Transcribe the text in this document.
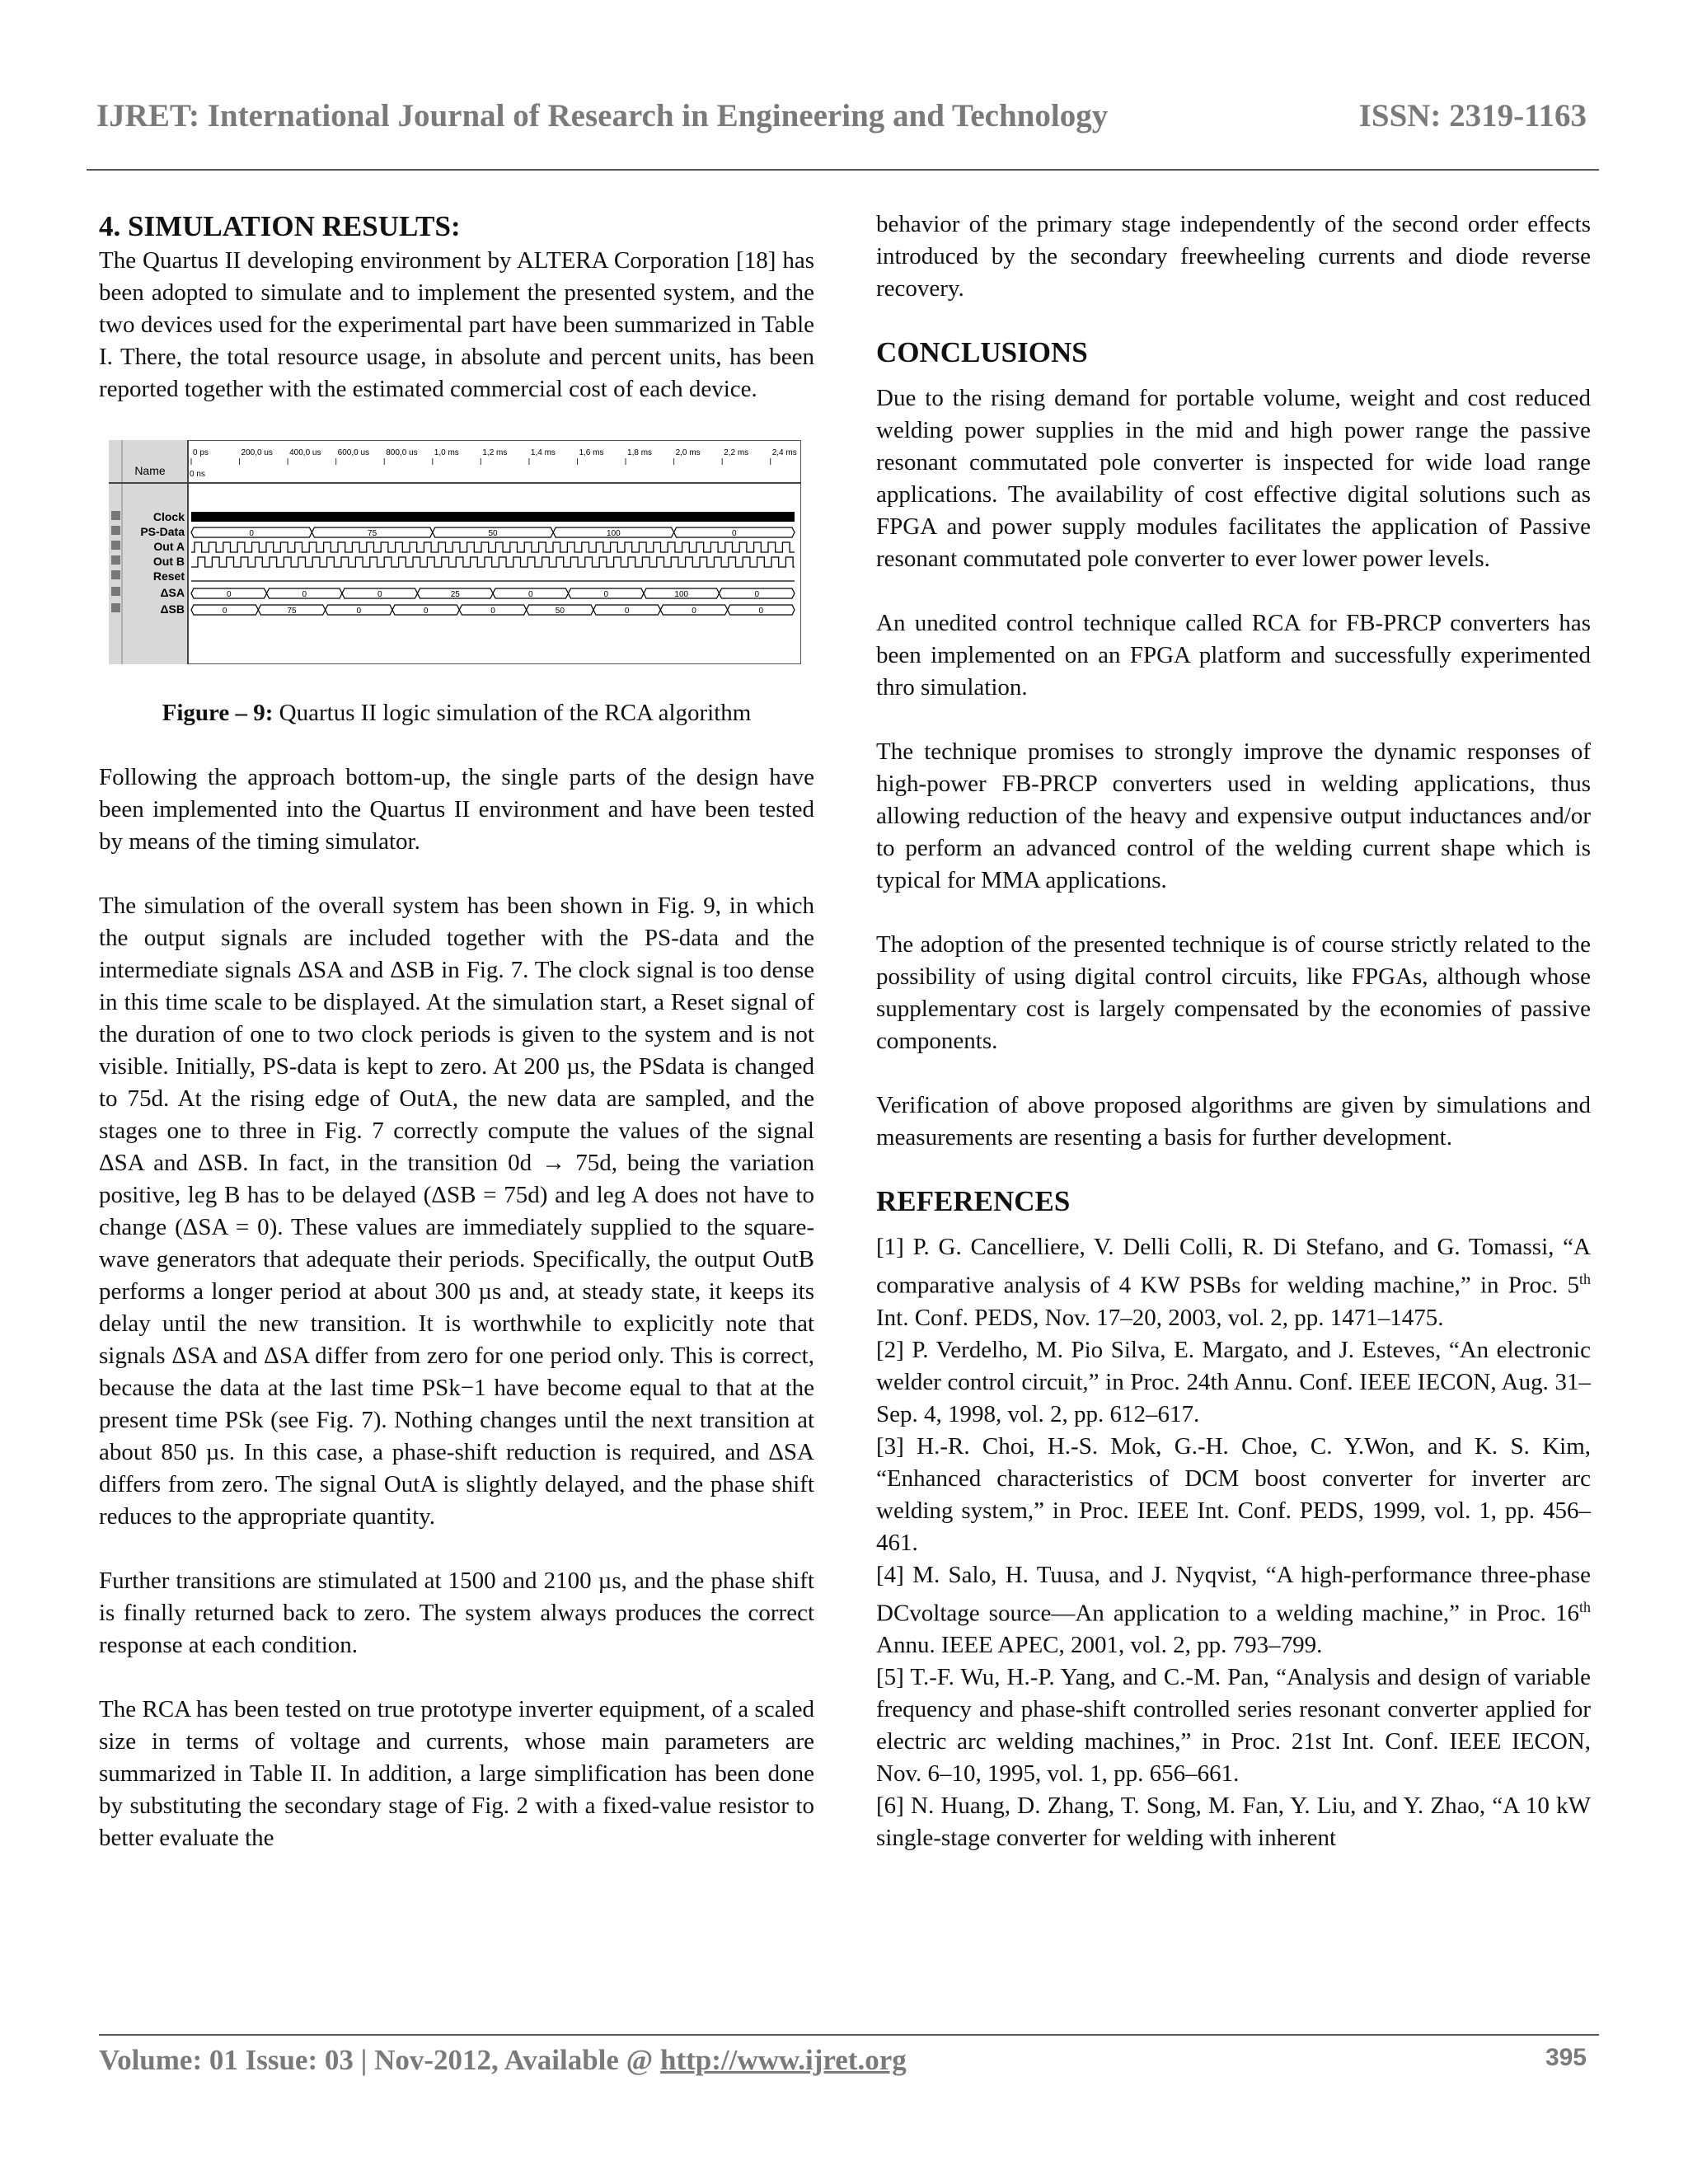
IJRET: International Journal of Research in Engineering and Technology	ISSN: 2319-1163
4. SIMULATION RESULTS:

The Quartus II developing environment by ALTERA Corporation [18] has been adopted to simulate and to implement the presented system, and the two devices used for the experimental part have been summarized in Table I. There, the total resource usage, in absolute and percent units, has been reported together with the estimated commercial cost of each device.

Name	0 ns
0 ps	200,0 us 400,0 us 600,0 us 800,0 us 1,0 ms	1,2 ms	1,4 ms	1,6 ms	1,8 ms	2,0 ms	2,2 ms	2,4 ms
Clock
PS-Data
Out A
Out B
Reset
ΔSA
ΔSB
0	75	50	100	0
0	0	0	25	0	0	100	0
0	75	0	0	0	50	0	0	0
Figure – 9: Quartus II logic simulation of the RCA algorithm

Following the approach bottom-up, the single parts of the design have been implemented into the Quartus II environment and have been tested by means of the timing simulator.

The simulation of the overall system has been shown in Fig. 9, in which the output signals are included together with the PS-data and the intermediate signals ΔSA and ΔSB in Fig. 7. The clock signal is too dense in this time scale to be displayed. At the simulation start, a Reset signal of the duration of one to two clock periods is given to the system and is not visible. Initially, PS-data is kept to zero. At 200 µs, the PSdata is changed to 75d. At the rising edge of OutA, the new data are sampled, and the stages one to three in Fig. 7 correctly compute the values of the signal ΔSA and ΔSB. In fact, in the transition 0d → 75d, being the variation positive, leg B has to be delayed (ΔSB = 75d) and leg A does not have to change (ΔSA = 0). These values are immediately supplied to the square-wave generators that adequate their periods. Specifically, the output OutB performs a longer period at about 300 µs and, at steady state, it keeps its delay until the new transition. It is worthwhile to explicitly note that signals ΔSA and ΔSA differ from zero for one period only. This is correct, because the data at the last time PSk−1 have become equal to that at the present time PSk (see Fig. 7). Nothing changes until the next transition at about 850 µs. In this case, a phase-shift reduction is required, and ΔSA differs from zero. The signal OutA is slightly delayed, and the phase shift reduces to the appropriate quantity.

Further transitions are stimulated at 1500 and 2100 µs, and the phase shift is finally returned back to zero. The system always produces the correct response at each condition.

The RCA has been tested on true prototype inverter equipment, of a scaled size in terms of voltage and currents, whose main parameters are summarized in Table II. In addition, a large simplification has been done by substituting the secondary stage of Fig. 2 with a fixed-value resistor to better evaluate the

behavior of the primary stage independently of the second order effects introduced by the secondary freewheeling currents and diode reverse recovery.

CONCLUSIONS

Due to the rising demand for portable volume, weight and cost reduced welding power supplies in the mid and high power range the passive resonant commutated pole converter is inspected for wide load range applications. The availability of cost effective digital solutions such as FPGA and power supply modules facilitates the application of Passive resonant commutated pole converter to ever lower power levels.

An unedited control technique called RCA for FB-PRCP converters has been implemented on an FPGA platform and successfully experimented thro simulation.

The technique promises to strongly improve the dynamic responses of high-power FB-PRCP converters used in welding applications, thus allowing reduction of the heavy and expensive output inductances and/or to perform an advanced control of the welding current shape which is typical for MMA applications.

The adoption of the presented technique is of course strictly related to the possibility of using digital control circuits, like FPGAs, although whose supplementary cost is largely compensated by the economies of passive components.

Verification of above proposed algorithms are given by simulations and measurements are resenting a basis for further development.

REFERENCES

[1] P. G. Cancelliere, V. Delli Colli, R. Di Stefano, and G. Tomassi, “A comparative analysis of 4 KW PSBs for welding machine,” in Proc. 5th Int. Conf. PEDS, Nov. 17–20, 2003, vol. 2, pp. 1471–1475.

[2] P. Verdelho, M. Pio Silva, E. Margato, and J. Esteves, “An electronic welder control circuit,” in Proc. 24th Annu. Conf. IEEE IECON, Aug. 31–Sep. 4, 1998, vol. 2, pp. 612–617.

[3] H.-R. Choi, H.-S. Mok, G.-H. Choe, C. Y.Won, and K. S. Kim, “Enhanced characteristics of DCM boost converter for inverter arc welding system,” in Proc. IEEE Int. Conf. PEDS, 1999, vol. 1, pp. 456–461.

[4] M. Salo, H. Tuusa, and J. Nyqvist, “A high-performance three-phase DCvoltage source—An application to a welding machine,” in Proc. 16th Annu. IEEE APEC, 2001, vol. 2, pp. 793–799.

[5] T.-F. Wu, H.-P. Yang, and C.-M. Pan, “Analysis and design of variable frequency and phase-shift controlled series resonant converter applied for electric arc welding machines,” in Proc. 21st Int. Conf. IEEE IECON, Nov. 6–10, 1995, vol. 1, pp. 656–661.

[6] N. Huang, D. Zhang, T. Song, M. Fan, Y. Liu, and Y. Zhao, “A 10 kW single-stage converter for welding with inherent

Volume: 01 Issue: 03 | Nov-2012, Available @ http://www.ijret.org	395
